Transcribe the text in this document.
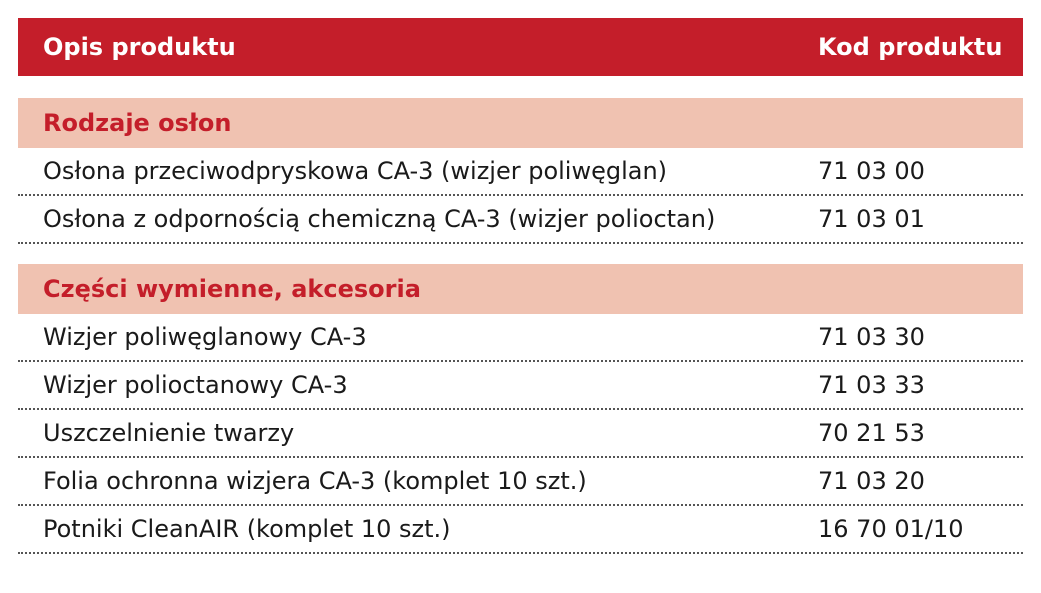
Opis produktu	Kod produktu
Rodzaje osłon
Osłona przeciwodpryskowa CA-3 (wizjer poliwęglan)	71 03 00
Osłona z odpornością chemiczną CA-3 (wizjer polioctan)	71 03 01
Części wymienne, akcesoria
Wizjer poliwęglanowy CA-3	71 03 30
Wizjer polioctanowy CA-3	71 03 33
Uszczelnienie twarzy	70 21 53
Folia ochronna wizjera CA-3 (komplet 10 szt.)	71 03 20
Potniki CleanAIR (komplet 10 szt.)	16 70 01/10
